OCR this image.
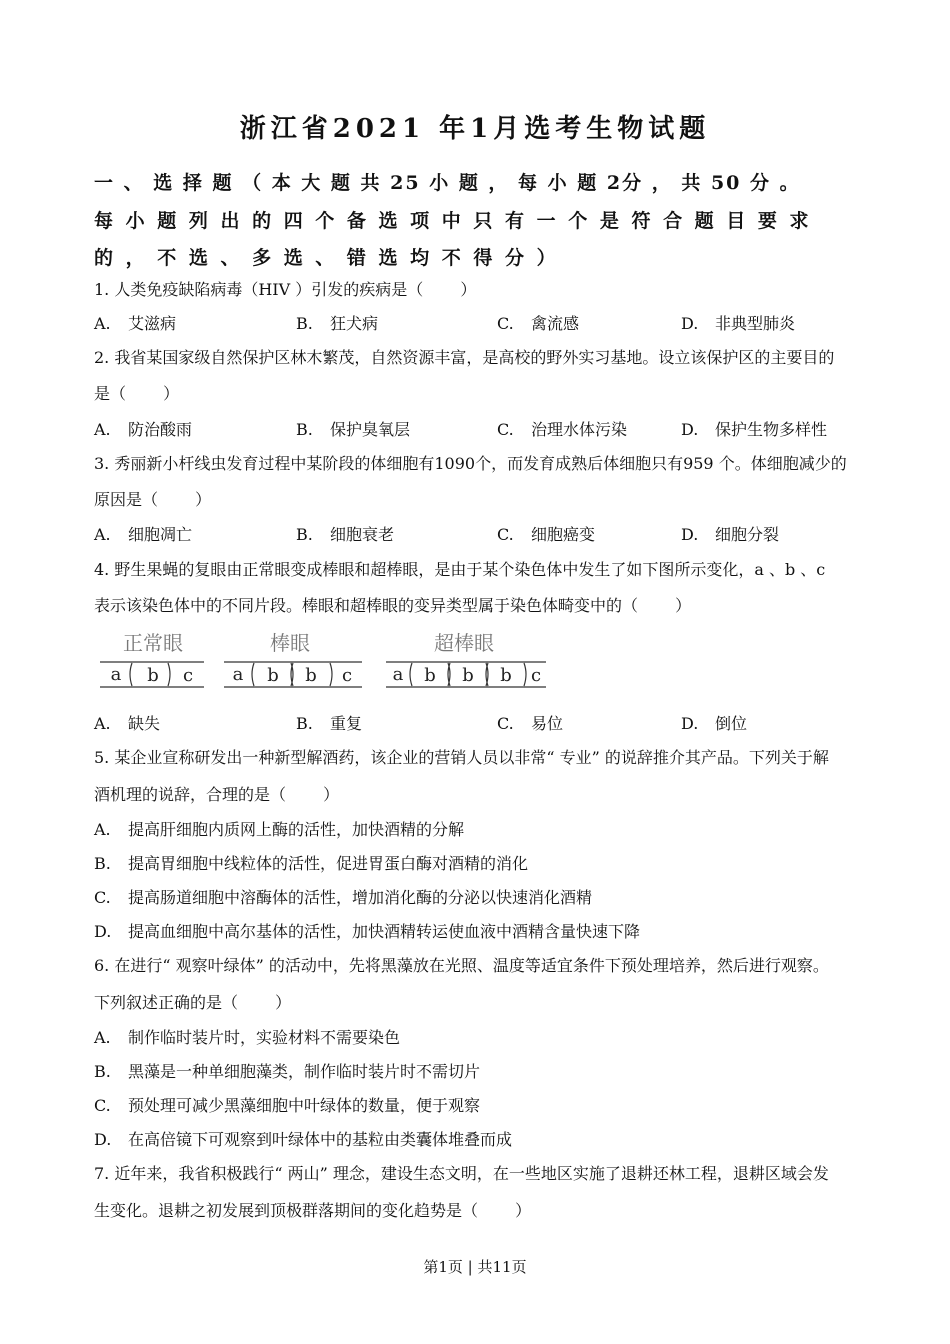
浙江省2021 年1月选考生物试题
一 、 选 择 题 （ 本 大 题 共 25 小 题 ， 每 小 题 2分 ， 共 50 分 。
每 小 题 列 出 的 四 个 备 选 项 中 只 有 一 个 是 符 合 题 目 要 求
的 ， 不 选 、 多 选 、 错 选 均 不 得 分 ）
1. 人类免疫缺陷病毒（HIV ）引发的疾病是（　　 ）
A. 艾滋病	B. 狂犬病	C. 禽流感	D. 非典型肺炎
2. 我省某国家级自然保护区林木繁茂，自然资源丰富，是高校的野外实习基地。设立该保护区的主要目的
是（　　 ）
A. 防治酸雨	B. 保护臭氧层	C. 治理水体污染	D. 保护生物多样性
3. 秀丽新小杆线虫发育过程中某阶段的体细胞有1090个，而发育成熟后体细胞只有959 个。体细胞减少的
原因是（　　 ）
A. 细胞凋亡	B. 细胞衰老	C. 细胞癌变	D. 细胞分裂
4. 野生果蝇的复眼由正常眼变成棒眼和超棒眼，是由于某个染色体中发生了如下图所示变化，a 、b 、c
表示该染色体中的不同片段。棒眼和超棒眼的变异类型属于染色体畸变中的（　　 ）
正常眼	棒眼	超棒眼
a b c a b b c a b b b c
A. 缺失	B. 重复	C. 易位	D. 倒位
5. 某企业宣称研发出一种新型解酒药，该企业的营销人员以非常“ 专业” 的说辞推介其产品。下列关于解
酒机理的说辞，合理的是（　　 ）
A. 提高肝细胞内质网上酶的活性，加快酒精的分解
B. 提高胃细胞中线粒体的活性，促进胃蛋白酶对酒精的消化
C. 提高肠道细胞中溶酶体的活性，增加消化酶的分泌以快速消化酒精
D. 提高血细胞中高尔基体的活性，加快酒精转运使血液中酒精含量快速下降
6. 在进行“ 观察叶绿体” 的活动中，先将黑藻放在光照、温度等适宜条件下预处理培养，然后进行观察。
下列叙述正确的是（　　 ）
A. 制作临时装片时，实验材料不需要染色
B. 黑藻是一种单细胞藻类，制作临时装片时不需切片
C. 预处理可减少黑藻细胞中叶绿体的数量，便于观察
D. 在高倍镜下可观察到叶绿体中的基粒由类囊体堆叠而成
7. 近年来，我省积极践行“ 两山” 理念，建设生态文明，在一些地区实施了退耕还林工程，退耕区域会发
生变化。退耕之初发展到顶极群落期间的变化趋势是（　　 ）
第1页 | 共11页
